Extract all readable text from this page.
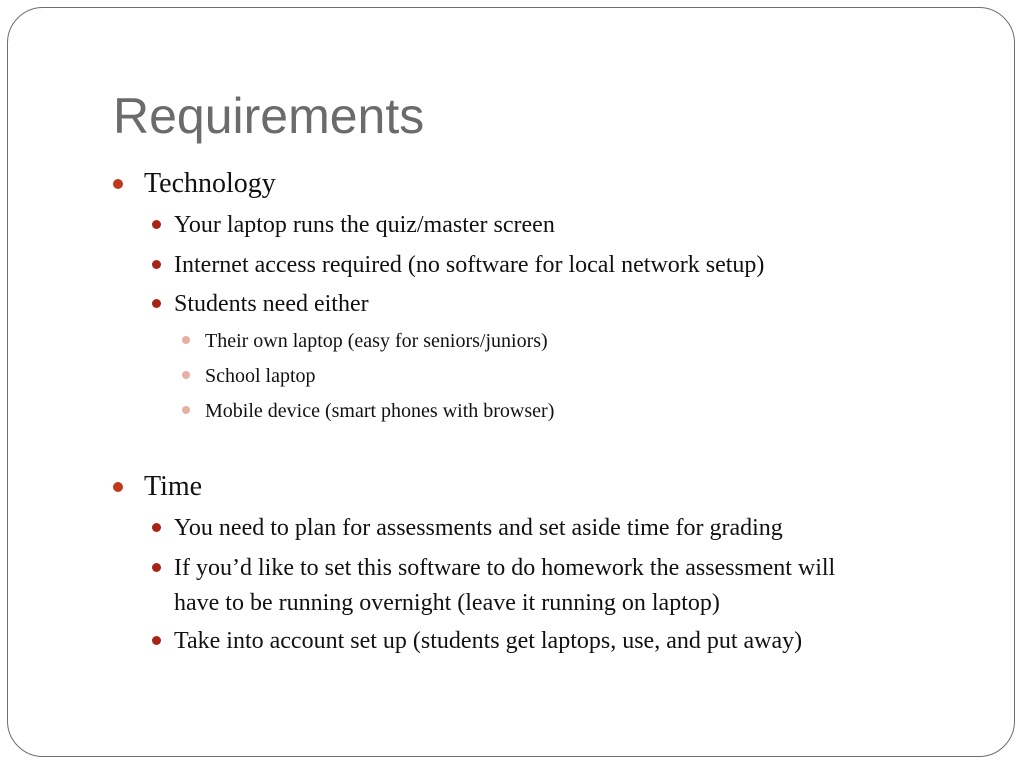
Requirements
Technology
Your laptop runs the quiz/master screen
Internet access required (no software for local network setup)
Students need either
Their own laptop (easy for seniors/juniors)
School laptop
Mobile device (smart phones with browser)
Time
You need to plan for assessments and set aside time for grading
If you’d like to set this software to do homework the assessment will
have to be running overnight (leave it running on laptop)
Take into account set up (students get laptops, use, and put away)
